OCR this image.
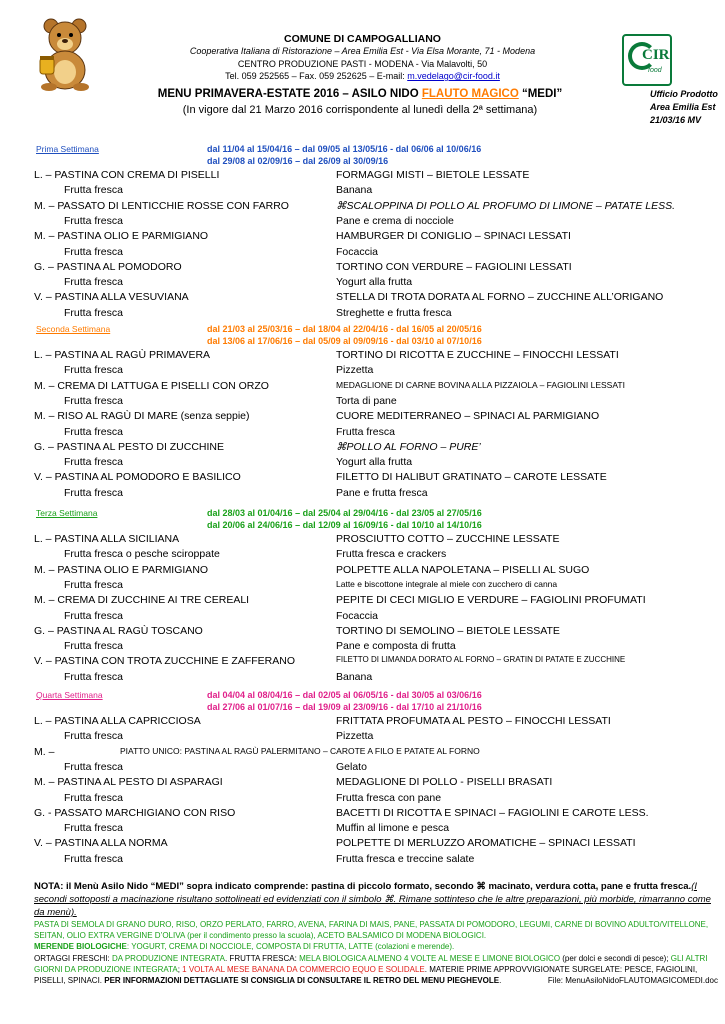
COMUNE DI CAMPOGALLIANO
Cooperativa Italiana di Ristorazione – Area Emilia Est - Via Elsa Morante, 71 - Modena
CENTRO PRODUZIONE PASTI - MODENA - Via Malavolti, 50
Tel. 059 252565 – Fax. 059 252625 – E-mail: m.vedelago@cir-food.it
CIR
food
MENU PRIMAVERA-ESTATE 2016 – ASILO NIDO FLAUTO MAGICO “MEDI”
(In vigore dal 21 Marzo 2016 corrispondente al lunedì della 2ª settimana)
Ufficio Prodotto
Area Emilia Est
21/03/16 MV
Prima Settimana	dal 11/04 al 15/04/16 – dal 09/05 al 13/05/16 - dal 06/06 al 10/06/16
dal 29/08 al 02/09/16 – dal 26/09 al 30/09/16
L. – PASTINA CON CREMA DI PISELLI	FORMAGGI MISTI – BIETOLE LESSATE
Frutta fresca	Banana
M. – PASSATO DI LENTICCHIE ROSSE CON FARRO	⌘SCALOPPINA DI POLLO AL PROFUMO DI LIMONE – PATATE LESS.
Frutta fresca	Pane e crema di nocciole
M. – PASTINA OLIO E PARMIGIANO	HAMBURGER DI CONIGLIO – SPINACI LESSATI
Frutta fresca	Focaccia
G. – PASTINA AL POMODORO	TORTINO CON VERDURE – FAGIOLINI LESSATI
Frutta fresca	Yogurt alla frutta
V. – PASTINA ALLA VESUVIANA	STELLA DI TROTA DORATA AL FORNO – ZUCCHINE ALL’ORIGANO
Frutta fresca	Streghette e frutta fresca
Seconda Settimana	dal 21/03 al 25/03/16 – dal 18/04 al 22/04/16 - dal 16/05 al 20/05/16
dal 13/06 al 17/06/16 – dal 05/09 al 09/09/16 - dal 03/10 al 07/10/16
L. – PASTINA AL RAGÙ PRIMAVERA	TORTINO DI RICOTTA E ZUCCHINE – FINOCCHI LESSATI
Frutta fresca	Pizzetta
M. – CREMA DI LATTUGA E PISELLI CON ORZO	MEDAGLIONE DI CARNE BOVINA ALLA PIZZAIOLA – FAGIOLINI LESSATI
Frutta fresca	Torta di pane
M. – RISO AL RAGÙ DI MARE (senza seppie)	CUORE MEDITERRANEO – SPINACI AL PARMIGIANO
Frutta fresca	Frutta fresca
G. – PASTINA AL PESTO DI ZUCCHINE	⌘POLLO AL FORNO – PURE’
Frutta fresca	Yogurt alla frutta
V. – PASTINA AL POMODORO E BASILICO	FILETTO DI HALIBUT GRATINATO – CAROTE LESSATE
Frutta fresca	Pane e frutta fresca
Terza Settimana	dal 28/03 al 01/04/16 – dal 25/04 al 29/04/16 - dal 23/05 al 27/05/16
dal 20/06 al 24/06/16 – dal 12/09 al 16/09/16 - dal 10/10 al 14/10/16
L. – PASTINA ALLA SICILIANA	PROSCIUTTO COTTO – ZUCCHINE LESSATE
Frutta fresca o pesche sciroppate	Frutta fresca e crackers
M. – PASTINA OLIO E PARMIGIANO	POLPETTE ALLA NAPOLETANA – PISELLI AL SUGO
Frutta fresca	Latte e biscottone integrale al miele con zucchero di canna
M. – CREMA DI ZUCCHINE AI TRE CEREALI	PEPITE DI CECI MIGLIO E VERDURE – FAGIOLINI PROFUMATI
Frutta fresca	Focaccia
G. – PASTINA AL RAGÙ TOSCANO	TORTINO DI SEMOLINO – BIETOLE LESSATE
Frutta fresca	Pane e composta di frutta
V. – PASTINA CON TROTA ZUCCHINE E ZAFFERANO	FILETTO DI LIMANDA DORATO AL FORNO – GRATIN DI PATATE E ZUCCHINE
Frutta fresca	Banana
Quarta Settimana	dal 04/04 al 08/04/16 – dal 02/05 al 06/05/16 - dal 30/05 al 03/06/16
dal 27/06 al 01/07/16 – dal 19/09 al 23/09/16 - dal 17/10 al 21/10/16
L. – PASTINA ALLA CAPRICCIOSA	FRITTATA PROFUMATA AL PESTO – FINOCCHI LESSATI
Frutta fresca	Pizzetta
M. –	PIATTO UNICO: PASTINA AL RAGÙ PALERMITANO – CAROTE A FILO E PATATE AL FORNO
Frutta fresca	Gelato
M. – PASTINA AL PESTO DI ASPARAGI	MEDAGLIONE DI POLLO - PISELLI BRASATI
Frutta fresca	Frutta fresca con pane
G. - PASSATO MARCHIGIANO CON RISO	BACETTI DI RICOTTA E SPINACI – FAGIOLINI E CAROTE LESS.
Frutta fresca	Muffin al limone e pesca
V. – PASTINA ALLA NORMA	POLPETTE DI MERLUZZO AROMATICHE – SPINACI LESSATI
Frutta fresca	Frutta fresca e treccine salate
NOTA: il Menù Asilo Nido “MEDI” sopra indicato comprende: pastina di piccolo formato, secondo ⌘ macinato, verdura cotta, pane e frutta fresca.(I secondi sottoposti a macinazione risultano sottolineati ed evidenziati con il simbolo ⌘. Rimane sottinteso che le altre preparazioni, più morbide, rimarranno come da menù).
PASTA DI SEMOLA DI GRANO DURO, RISO, ORZO PERLATO, FARRO, AVENA, FARINA DI MAIS, PANE, PASSATA DI POMODORO, LEGUMI, CARNE DI BOVINO ADULTO/VITELLONE, SEITAN, OLIO EXTRA VERGINE D’OLIVA (per il condimento presso la scuola), ACETO BALSAMICO DI MODENA BIOLOGICI.
MERENDE BIOLOGICHE: YOGURT, CREMA DI NOCCIOLE, COMPOSTA DI FRUTTA, LATTE (colazioni e merende).
ORTAGGI FRESCHI: DA PRODUZIONE INTEGRATA. FRUTTA FRESCA: MELA BIOLOGICA ALMENO 4 VOLTE AL MESE E LIMONE BIOLOGICO (per dolci e secondi di pesce); GLI ALTRI GIORNI DA PRODUZIONE INTEGRATA; 1 VOLTA AL MESE BANANA DA COMMERCIO EQUO E SOLIDALE. MATERIE PRIME APPROVVIGIONATE SURGELATE: PESCE, FAGIOLINI, PISELLI, SPINACI. PER INFORMAZIONI DETTAGLIATE SI CONSIGLIA DI CONSULTARE IL RETRO DEL MENU PIEGHEVOLE.	File: MenuAsiloNidoFLAUTOMAGICOMEDI.doc
